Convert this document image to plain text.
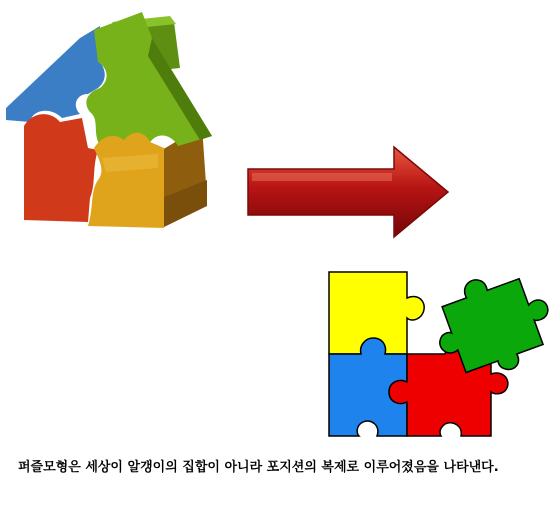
퍼즐모형은 세상이 알갱이의 집합이 아니라 포지션의 복제로 이루어졌음을 나타낸다.
